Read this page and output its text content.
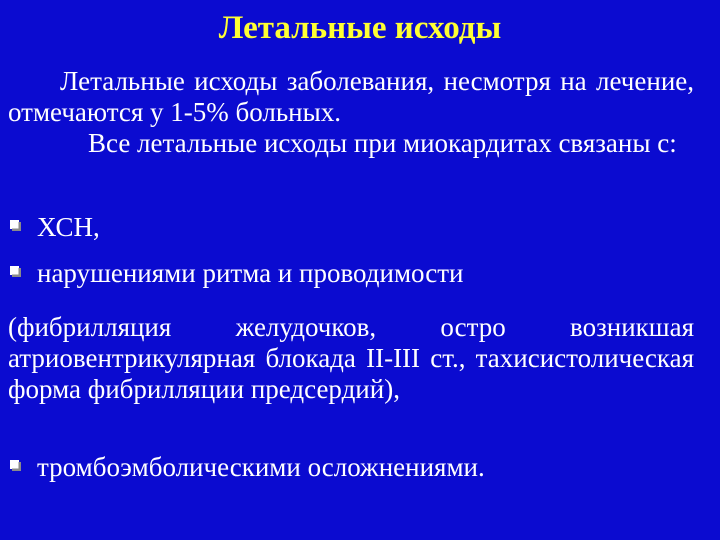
Летальные исходы
Летальные исходы заболевания, несмотря на лечение, отмечаются у 1-5% больных.
Все летальные исходы при миокардитах связаны с:
ХСН,
нарушениями ритма и проводимости
(фибрилляция желудочков, остро возникшая атриовентрикулярная блокада II-III ст., тахисистолическая форма фибрилляции предсердий),
тромбоэмболическими осложнениями.
